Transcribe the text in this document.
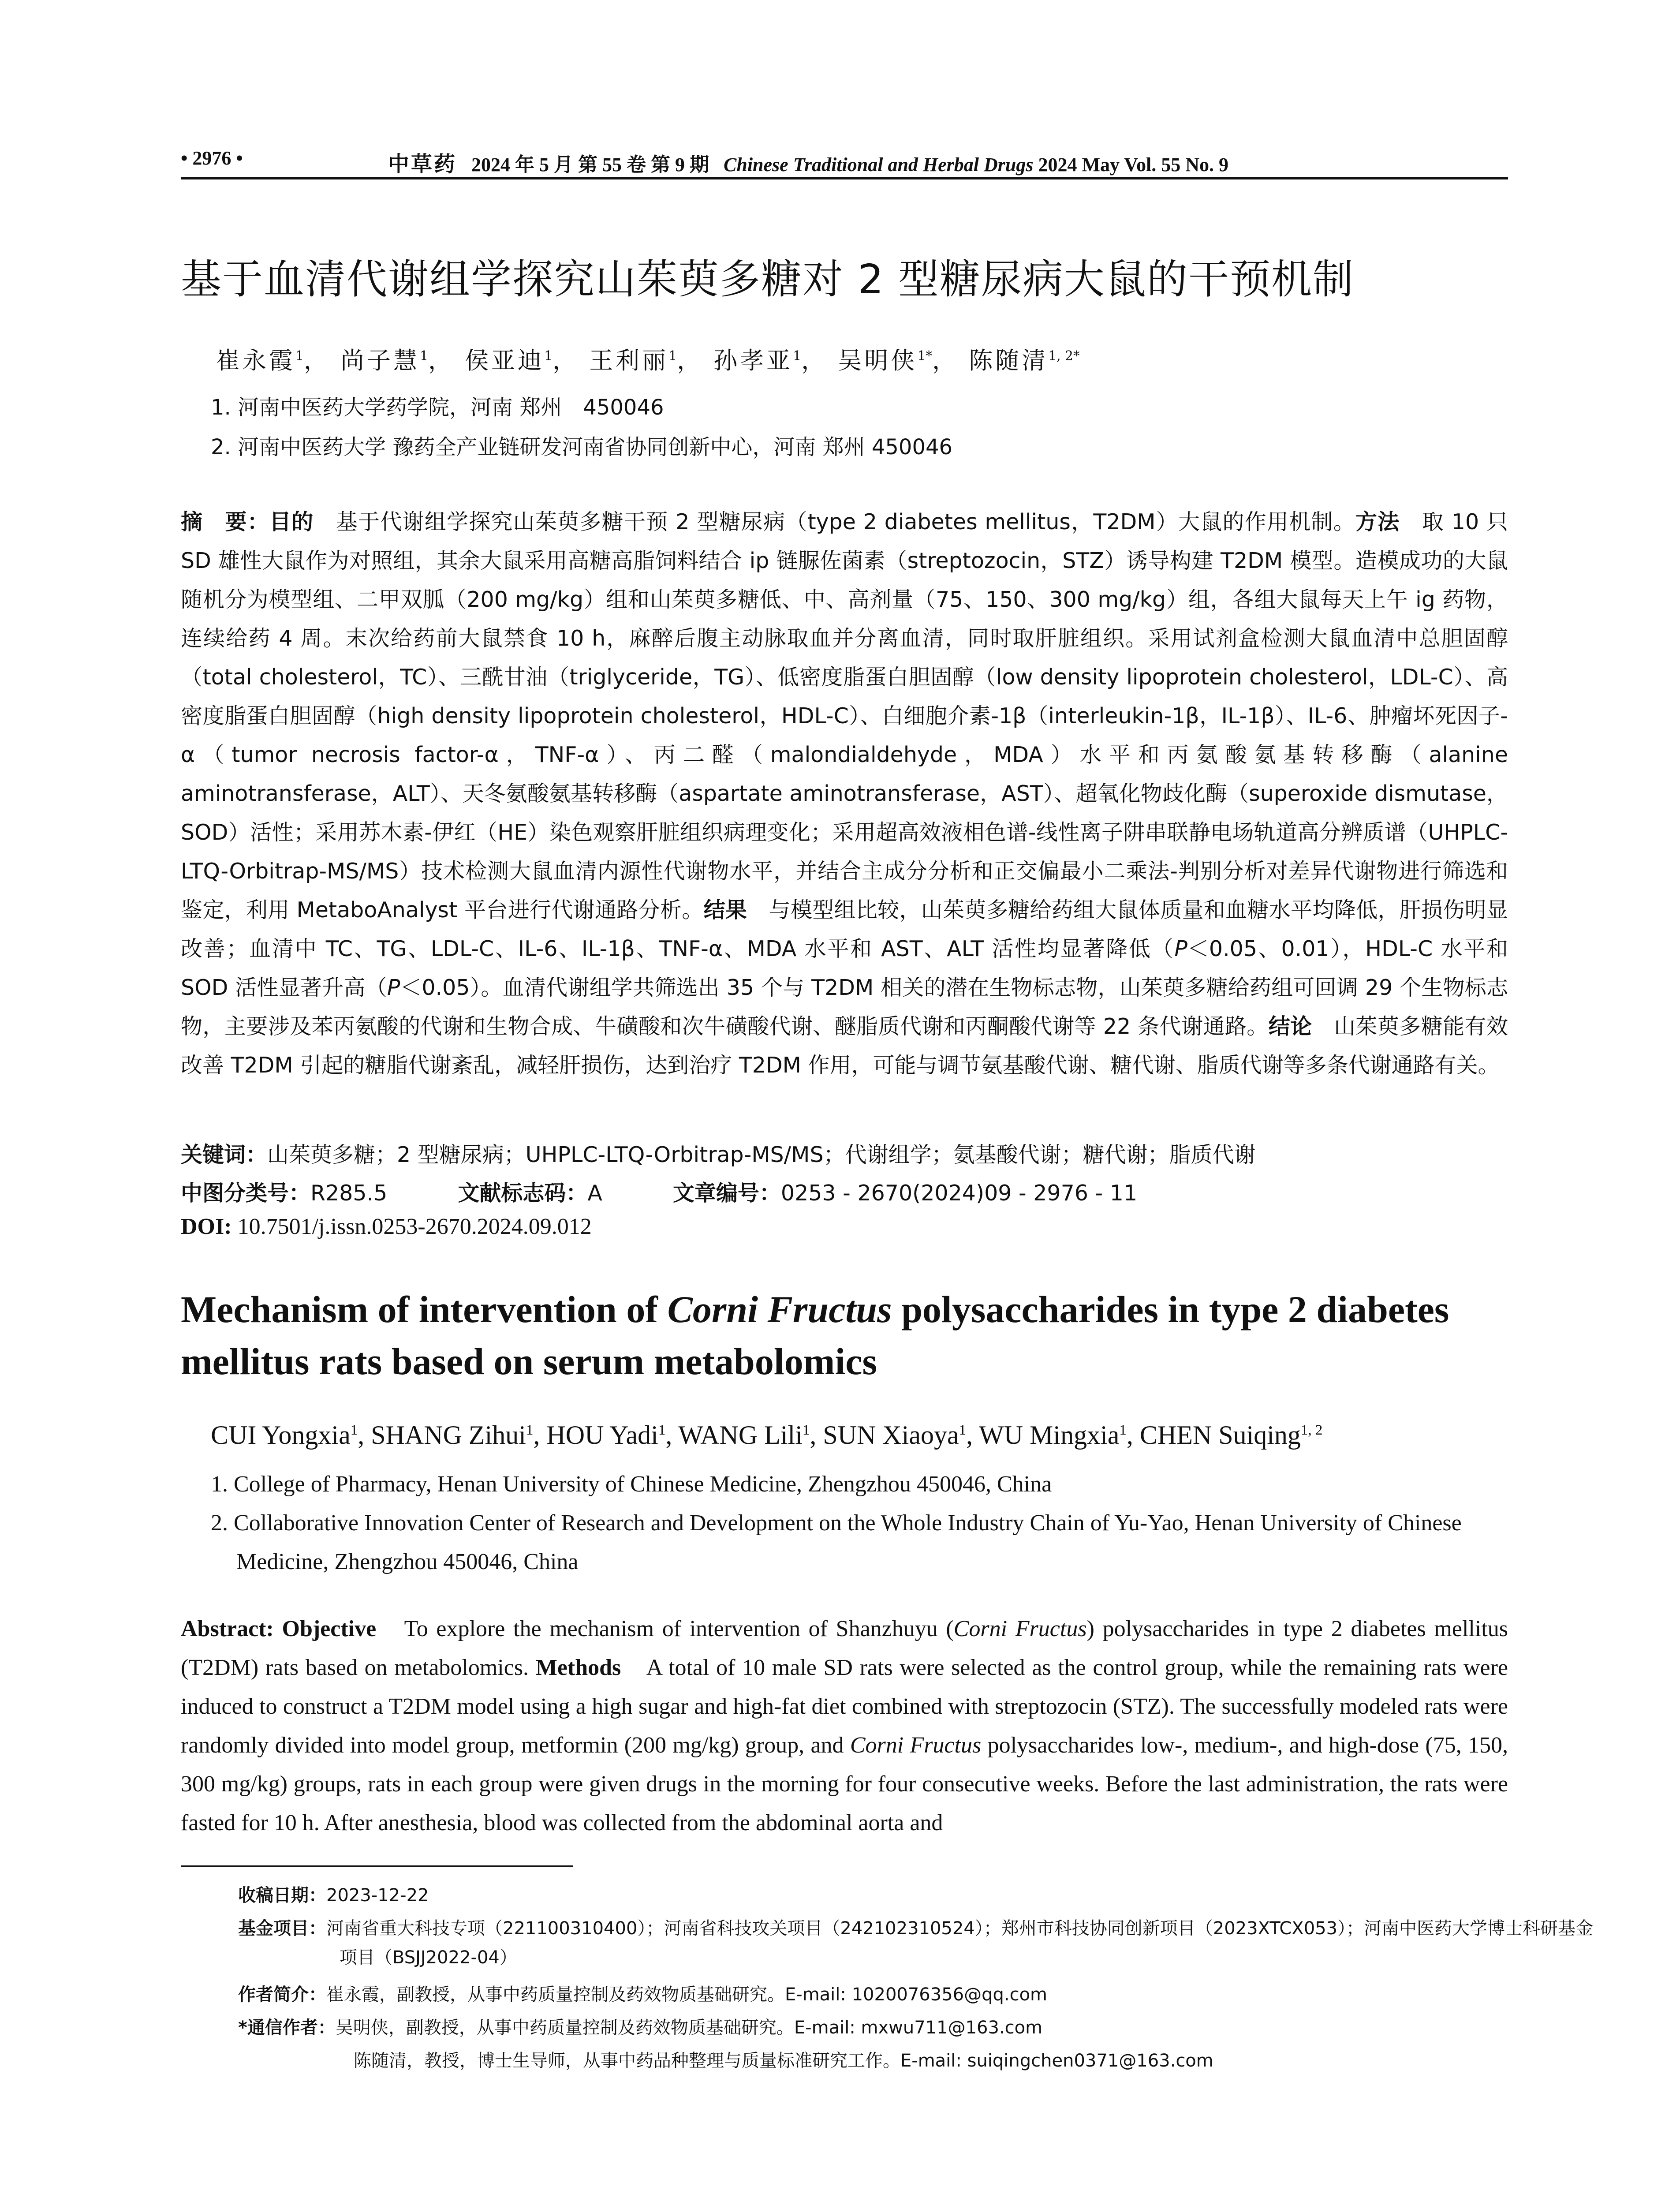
• 2976 •	中草药 2024 年 5 月 第 55 卷 第 9 期 Chinese Traditional and Herbal Drugs 2024 May Vol. 55 No. 9
基于血清代谢组学探究山茱萸多糖对 2 型糖尿病大鼠的干预机制
崔永霞$^1$， 尚子慧$^1$， 侯亚迪$^1$， 王利丽$^1$， 孙孝亚$^1$， 吴明侠$^{1*}$， 陈随清$^{1, 2*}$
1. 河南中医药大学药学院，河南 郑州　450046
2. 河南中医药大学 豫药全产业链研发河南省协同创新中心，河南 郑州 450046
摘　要：目的　基于代谢组学探究山茱萸多糖干预 2 型糖尿病（type 2 diabetes mellitus，T2DM）大鼠的作用机制。方法　取 10 只 SD 雄性大鼠作为对照组，其余大鼠采用高糖高脂饲料结合 ip 链脲佐菌素（streptozocin，STZ）诱导构建 T2DM 模型。造模成功的大鼠随机分为模型组、二甲双胍（200 mg/kg）组和山茱萸多糖低、中、高剂量（75、150、300 mg/kg）组，各组大鼠每天上午 ig 药物，连续给药 4 周。末次给药前大鼠禁食 10 h，麻醉后腹主动脉取血并分离血清，同时取肝脏组织。采用试剂盒检测大鼠血清中总胆固醇（total cholesterol，TC）、三酰甘油（triglyceride，TG）、低密度脂蛋白胆固醇（low density lipoprotein cholesterol，LDL-C）、高密度脂蛋白胆固醇（high density lipoprotein cholesterol，HDL-C）、白细胞介素-1β（interleukin-1β，IL-1β）、IL-6、肿瘤坏死因子-α（tumor necrosis factor-α，TNF-α）、丙二醛（malondialdehyde，MDA）水平和丙氨酸氨基转移酶（alanine aminotransferase，ALT）、天冬氨酸氨基转移酶（aspartate aminotransferase，AST）、超氧化物歧化酶（superoxide dismutase，SOD）活性；采用苏木素-伊红（HE）染色观察肝脏组织病理变化；采用超高效液相色谱-线性离子阱串联静电场轨道高分辨质谱（UHPLC-LTQ-Orbitrap-MS/MS）技术检测大鼠血清内源性代谢物水平，并结合主成分分析和正交偏最小二乘法-判别分析对差异代谢物进行筛选和鉴定，利用 MetaboAnalyst 平台进行代谢通路分析。结果　与模型组比较，山茱萸多糖给药组大鼠体质量和血糖水平均降低，肝损伤明显改善；血清中 TC、TG、LDL-C、IL-6、IL-1β、TNF-α、MDA 水平和 AST、ALT 活性均显著降低（P＜0.05、0.01），HDL-C 水平和 SOD 活性显著升高（P＜0.05）。血清代谢组学共筛选出 35 个与 T2DM 相关的潜在生物标志物，山茱萸多糖给药组可回调 29 个生物标志物，主要涉及苯丙氨酸的代谢和生物合成、牛磺酸和次牛磺酸代谢、醚脂质代谢和丙酮酸代谢等 22 条代谢通路。结论　山茱萸多糖能有效改善 T2DM 引起的糖脂代谢紊乱，减轻肝损伤，达到治疗 T2DM 作用，可能与调节氨基酸代谢、糖代谢、脂质代谢等多条代谢通路有关。
关键词：山茱萸多糖；2 型糖尿病；UHPLC-LTQ-Orbitrap-MS/MS；代谢组学；氨基酸代谢；糖代谢；脂质代谢
中图分类号：R285.5	文献标志码：A	文章编号：0253 - 2670(2024)09 - 2976 - 11
DOI: 10.7501/j.issn.0253-2670.2024.09.012
Mechanism of intervention of Corni Fructus polysaccharides in type 2 diabetes mellitus rats based on serum metabolomics
CUI Yongxia$^1$, SHANG Zihui$^1$, HOU Yadi$^1$, WANG Lili$^1$, SUN Xiaoya$^1$, WU Mingxia$^1$, CHEN Suiqing$^{1, 2}$
1. College of Pharmacy, Henan University of Chinese Medicine, Zhengzhou 450046, China
2. Collaborative Innovation Center of Research and Development on the Whole Industry Chain of Yu-Yao, Henan University of Chinese Medicine, Zhengzhou 450046, China
Abstract: Objective　To explore the mechanism of intervention of Shanzhuyu (Corni Fructus) polysaccharides in type 2 diabetes mellitus (T2DM) rats based on metabolomics. Methods　A total of 10 male SD rats were selected as the control group, while the remaining rats were induced to construct a T2DM model using a high sugar and high-fat diet combined with streptozocin (STZ). The successfully modeled rats were randomly divided into model group, metformin (200 mg/kg) group, and Corni Fructus polysaccharides low-, medium-, and high-dose (75, 150, 300 mg/kg) groups, rats in each group were given drugs in the morning for four consecutive weeks. Before the last administration, the rats were fasted for 10 h. After anesthesia, blood was collected from the abdominal aorta and
收稿日期：2023-12-22
基金项目：河南省重大科技专项（221100310400）；河南省科技攻关项目（242102310524）；郑州市科技协同创新项目（2023XTCX053）；河南中医药大学博士科研基金项目（BSJJ2022-04）
作者简介：崔永霞，副教授，从事中药质量控制及药效物质基础研究。E-mail: 1020076356@qq.com
*通信作者：吴明侠，副教授，从事中药质量控制及药效物质基础研究。E-mail: mxwu711@163.com
陈随清，教授，博士生导师，从事中药品种整理与质量标准研究工作。E-mail: suiqingchen0371@163.com
